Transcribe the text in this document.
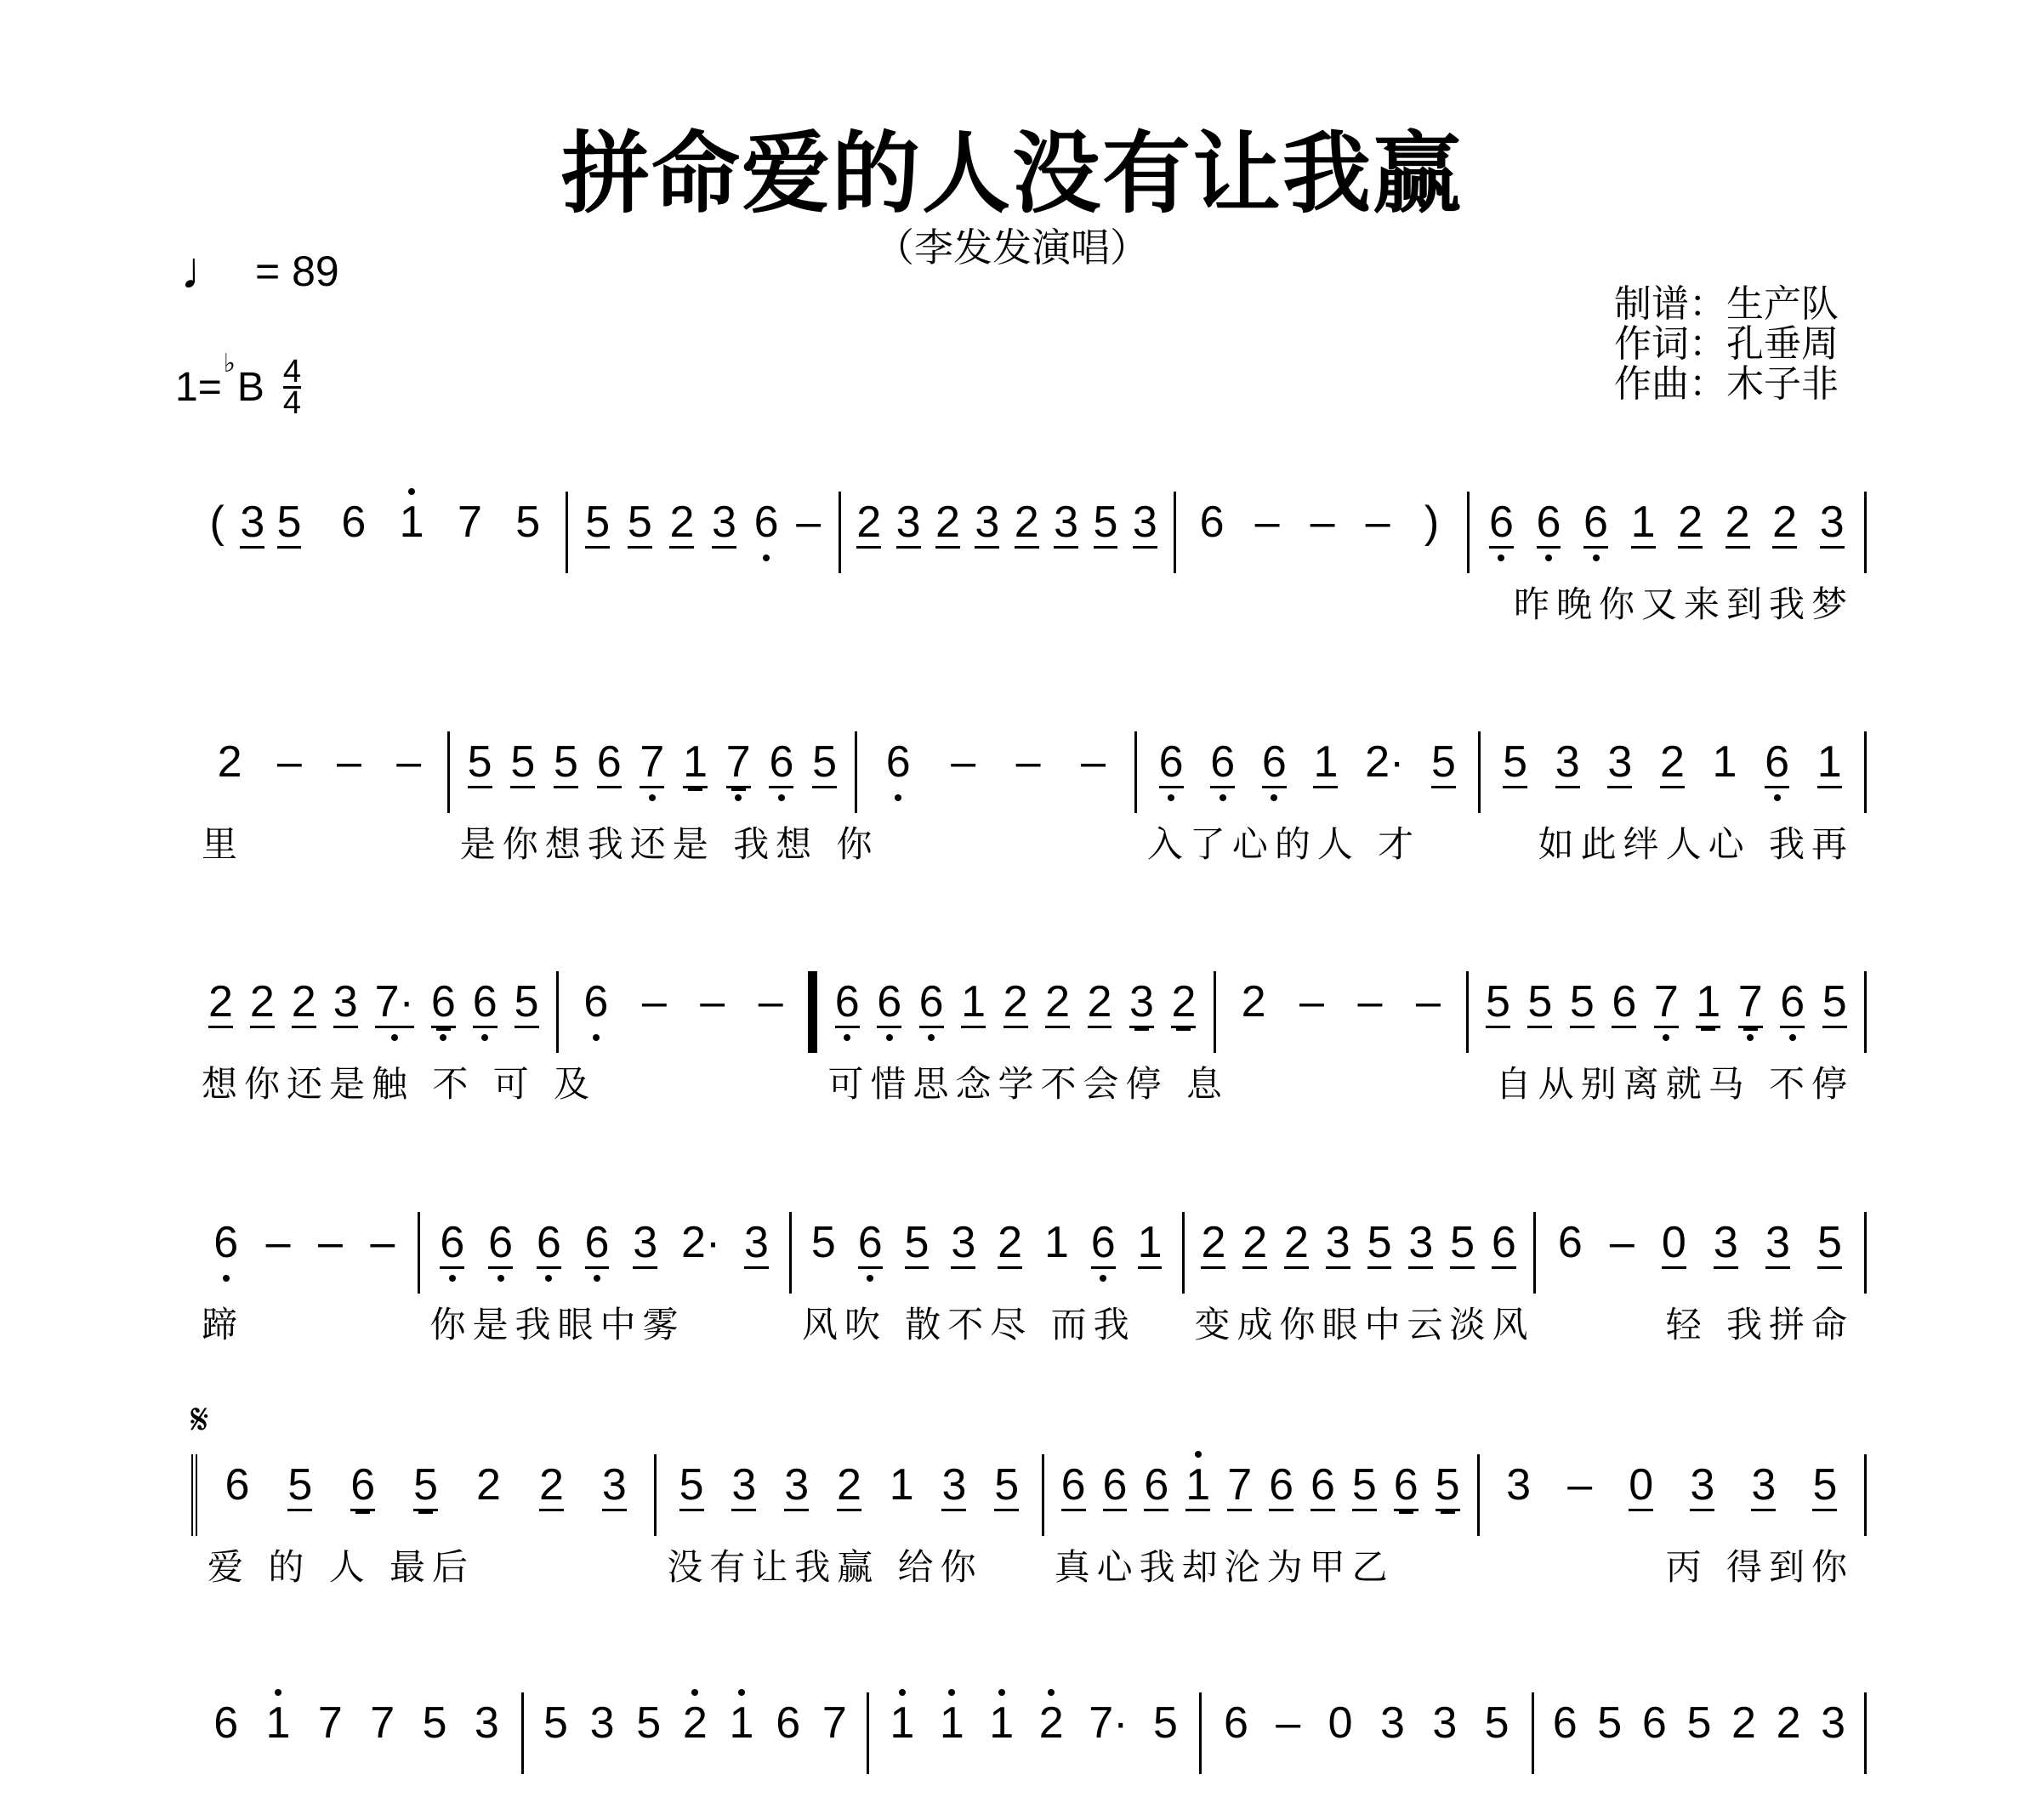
拼命爱的人没有让我赢
（李发发演唱）
♩ = 89
1=
♭
B 4
4
制谱：生产队
作词：孔垂周
作曲：木子非
𝄋
( 3 5 6 1 7 5 5 5 2 3 6 – 2 3 2 3 2 3 5 3 6 – – – ) 6 6 6 1 2 2 2 3
昨晚你又来到我梦
2 – – –
里
5 5 5 6 7 1 7 6 5
是你想我还是 我想 你
6 – – – 6 6 6 1 2· 5
入了心的人 才
5 3 3 2 1 6 1
如此绊人心 我再
2 2 2 3 7· 6 6 5
想你还是触 不 可 及
6 – – – 6 6 6 1 2 2 2 3 2
可惜思念学不会停 息
2 – – – 5 5 5 6 7 1 7 6 5
自从别离就马 不停
6 – – –
蹄
6 6 6 6 3 2· 3
你是我眼中雾
5 6 5 3 2 1 6 1
风吹 散不尽 而我
2 2 2 3 5 3 5 6
变成你眼中云淡风
6 – 0 3 3 5
轻 我拼命
6 5 6 5 2 2 3
爱 的 人 最后
5 3 3 2 1 3 5
没有让我赢 给你
6 6 6 1 7 6 6 5 6 5
真心我却沦为甲乙
3 – 0 3 3 5
丙 得到你
6 1 7 7 5 3 5 3 5 2 1 6 7 1 1 1 2 7· 5 6 – 0 3 3 5 6 5 6 5 2 2 3
